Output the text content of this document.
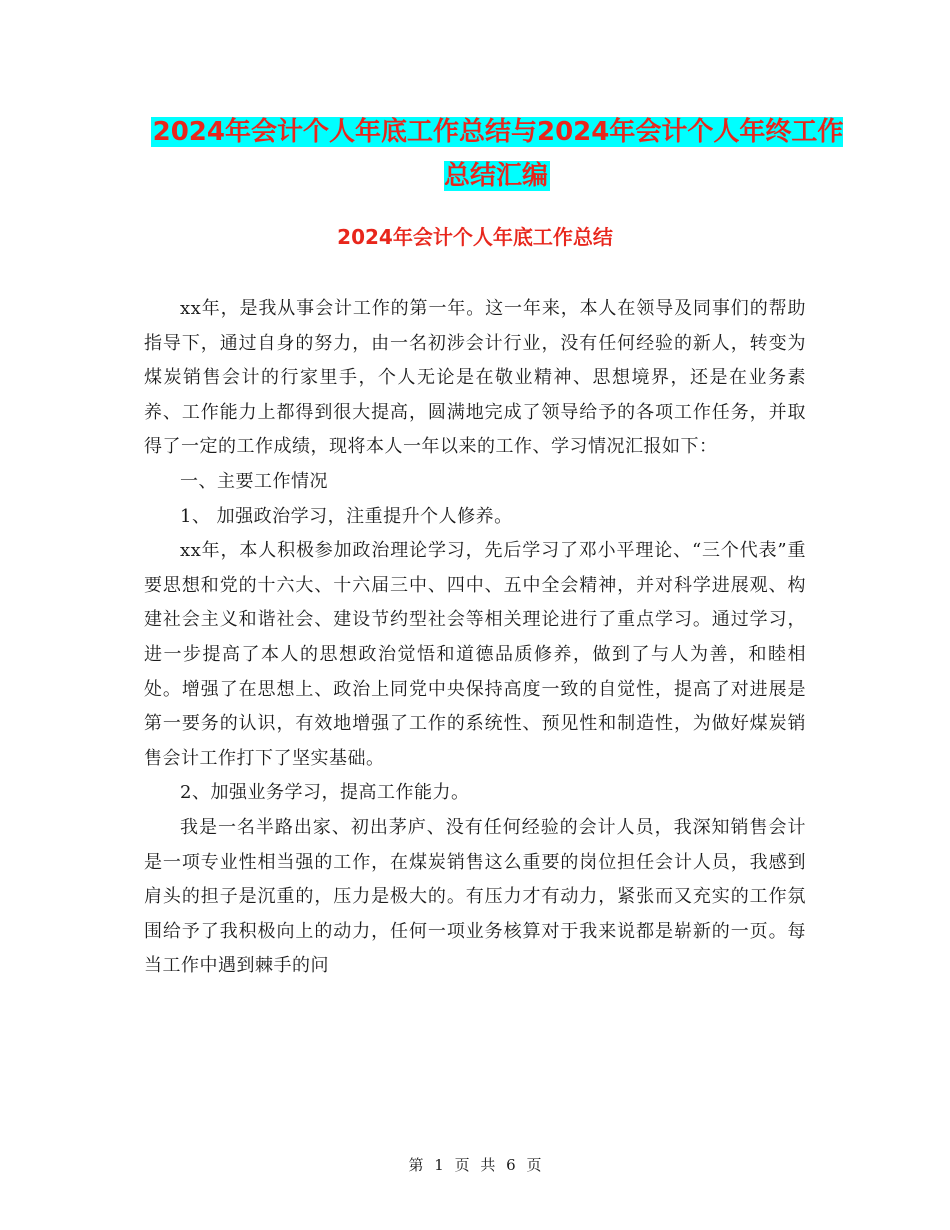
2024年会计个人年底工作总结与2024年会计个人年终工作总结汇编
2024年会计个人年底工作总结

xx年，是我从事会计工作的第一年。这一年来，本人在领导及同事们的帮助指导下，通过自身的努力，由一名初涉会计行业，没有任何经验的新人，转变为煤炭销售会计的行家里手，个人无论是在敬业精神、思想境界，还是在业务素养、工作能力上都得到很大提高，圆满地完成了领导给予的各项工作任务，并取得了一定的工作成绩，现将本人一年以来的工作、学习情况汇报如下：

一、主要工作情况

1、 加强政治学习，注重提升个人修养。

xx年，本人积极参加政治理论学习，先后学习了邓小平理论、“三个代表”重要思想和党的十六大、十六届三中、四中、五中全会精神，并对科学进展观、构建社会主义和谐社会、建设节约型社会等相关理论进行了重点学习。通过学习，进一步提高了本人的思想政治觉悟和道德品质修养，做到了与人为善，和睦相处。增强了在思想上、政治上同党中央保持高度一致的自觉性，提高了对进展是第一要务的认识，有效地增强了工作的系统性、预见性和制造性，为做好煤炭销售会计工作打下了坚实基础。

2、加强业务学习，提高工作能力。

我是一名半路出家、初出茅庐、没有任何经验的会计人员，我深知销售会计是一项专业性相当强的工作，在煤炭销售这么重要的岗位担任会计人员，我感到肩头的担子是沉重的，压力是极大的。有压力才有动力，紧张而又充实的工作氛围给予了我积极向上的动力，任何一项业务核算对于我来说都是崭新的一页。每当工作中遇到棘手的问

第 1 页 共 6 页
